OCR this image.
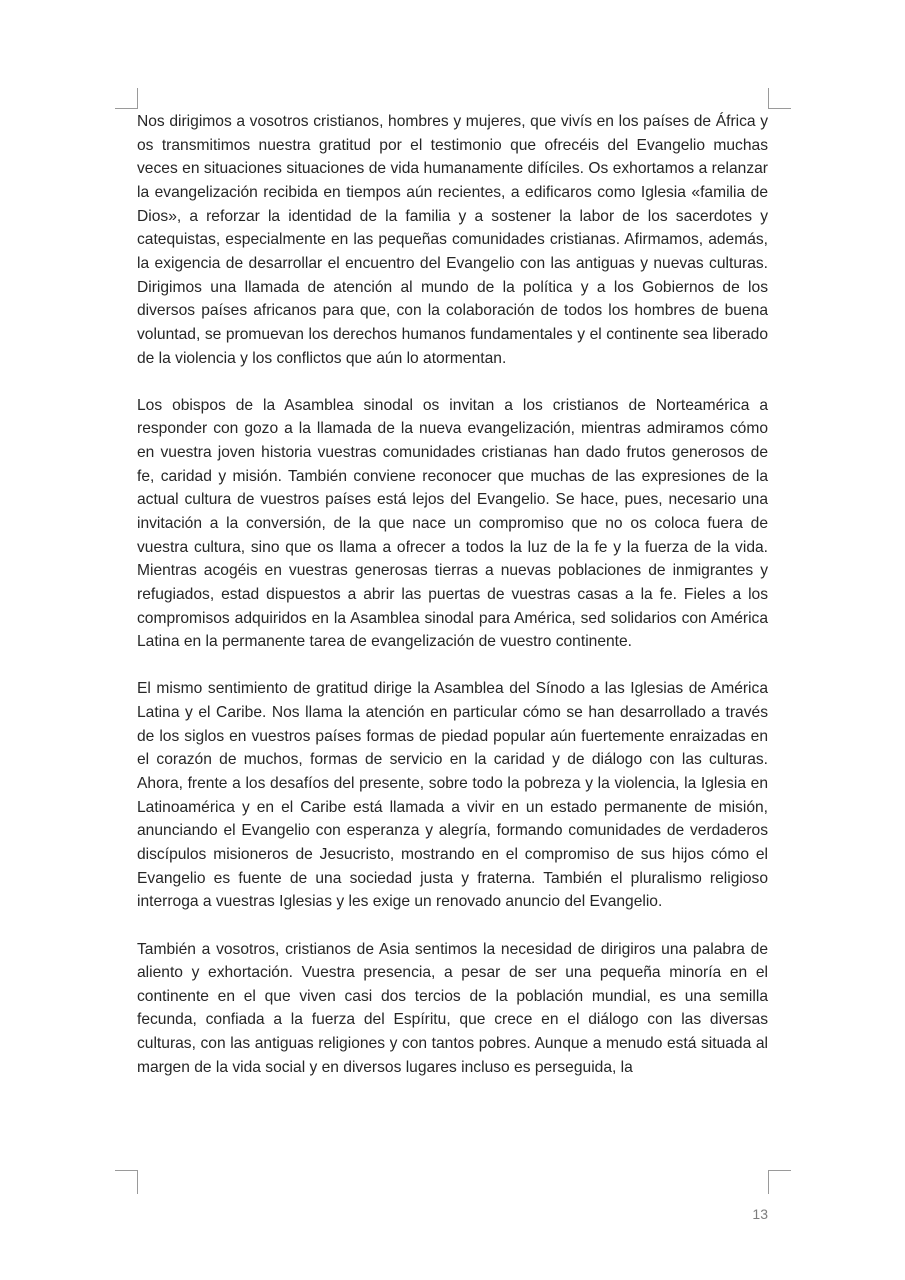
Nos dirigimos a vosotros cristianos, hombres y mujeres, que vivís en los países de África y os transmitimos nuestra gratitud por el testimonio que ofrecéis del Evangelio muchas veces en situaciones situaciones de vida humanamente difíciles. Os exhortamos a relanzar la evangelización recibida en tiempos aún recientes, a edificaros como Iglesia «familia de Dios», a reforzar la identidad de la familia y a sostener la labor de los sacerdotes y catequistas, especialmente en las pequeñas comunidades cristianas. Afirmamos, además, la exigencia de desarrollar el encuentro del Evangelio con las antiguas y nuevas culturas. Dirigimos una llamada de atención al mundo de la política y a los Gobiernos de los diversos países africanos para que, con la colaboración de todos los hombres de buena voluntad, se promuevan los derechos humanos fundamentales y el continente sea liberado de la violencia y los conflictos que aún lo atormentan.

Los obispos de la Asamblea sinodal os invitan a los cristianos de Norteamérica a responder con gozo a la llamada de la nueva evangelización, mientras admiramos cómo en vuestra joven historia vuestras comunidades cristianas han dado frutos generosos de fe, caridad y misión. También conviene reconocer que muchas de las expresiones de la actual cultura de vuestros países está lejos del Evangelio. Se hace, pues, necesario una invitación a la conversión, de la que nace un compromiso que no os coloca fuera de vuestra cultura, sino que os llama a ofrecer a todos la luz de la fe y la fuerza de la vida. Mientras acogéis en vuestras generosas tierras a nuevas poblaciones de inmigrantes y refugiados, estad dispuestos a abrir las puertas de vuestras casas a la fe. Fieles a los compromisos adquiridos en la Asamblea sinodal para América, sed solidarios con América Latina en la permanente tarea de evangelización de vuestro continente.

El mismo sentimiento de gratitud dirige la Asamblea del Sínodo a las Iglesias de América Latina y el Caribe. Nos llama la atención en particular cómo se han desarrollado a través de los siglos en vuestros países formas de piedad popular aún fuertemente enraizadas en el corazón de muchos, formas de servicio en la caridad y de diálogo con las culturas. Ahora, frente a los desafíos del presente, sobre todo la pobreza y la violencia, la Iglesia en Latinoamérica y en el Caribe está llamada a vivir en un estado permanente de misión, anunciando el Evangelio con esperanza y alegría, formando comunidades de verdaderos discípulos misioneros de Jesucristo, mostrando en el compromiso de sus hijos cómo el Evangelio es fuente de una sociedad justa y fraterna. También el pluralismo religioso interroga a vuestras Iglesias y les exige un renovado anuncio del Evangelio.

También a vosotros, cristianos de Asia sentimos la necesidad de dirigiros una palabra de aliento y exhortación. Vuestra presencia, a pesar de ser una pequeña minoría en el continente en el que viven casi dos tercios de la población mundial, es una semilla fecunda, confiada a la fuerza del Espíritu, que crece en el diálogo con las diversas culturas, con las antiguas religiones y con tantos pobres. Aunque a menudo está situada al margen de la vida social y en diversos lugares incluso es perseguida, la

13
